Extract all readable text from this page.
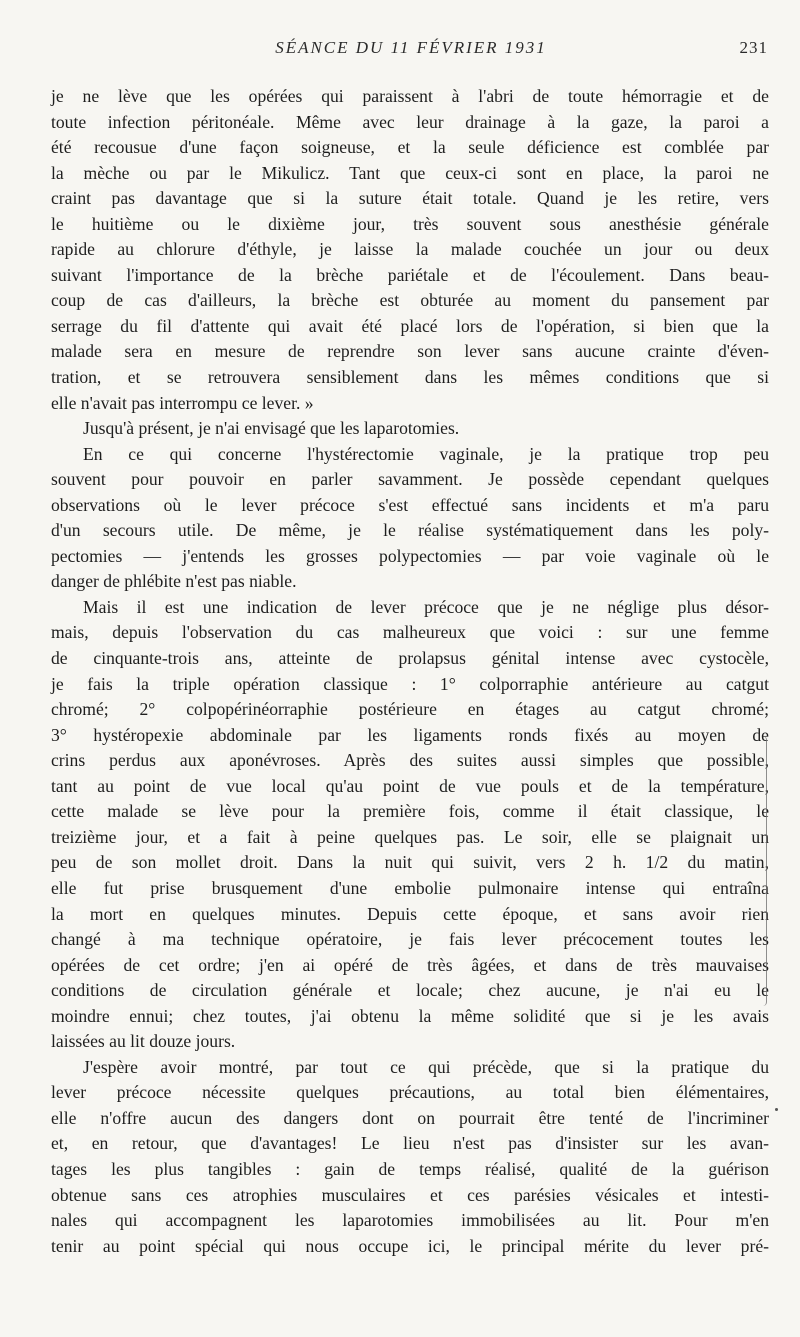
SÉANCE DU 11 FÉVRIER 1931	231
je ne lève que les opérées qui paraissent à l'abri de toute hémorragie et de
toute infection péritonéale. Même avec leur drainage à la gaze, la paroi a
été recousue d'une façon soigneuse, et la seule déficience est comblée par
la mèche ou par le Mikulicz. Tant que ceux-ci sont en place, la paroi ne
craint pas davantage que si la suture était totale. Quand je les retire, vers
le huitième ou le dixième jour, très souvent sous anesthésie générale
rapide au chlorure d'éthyle, je laisse la malade couchée un jour ou deux
suivant l'importance de la brèche pariétale et de l'écoulement. Dans beau-
coup de cas d'ailleurs, la brèche est obturée au moment du pansement par
serrage du fil d'attente qui avait été placé lors de l'opération, si bien que la
malade sera en mesure de reprendre son lever sans aucune crainte d'éven-
tration, et se retrouvera sensiblement dans les mêmes conditions que si
elle n'avait pas interrompu ce lever. »
Jusqu'à présent, je n'ai envisagé que les laparotomies.
En ce qui concerne l'hystérectomie vaginale, je la pratique trop peu
souvent pour pouvoir en parler savamment. Je possède cependant quelques
observations où le lever précoce s'est effectué sans incidents et m'a paru
d'un secours utile. De même, je le réalise systématiquement dans les poly-
pectomies — j'entends les grosses polypectomies — par voie vaginale où le
danger de phlébite n'est pas niable.
Mais il est une indication de lever précoce que je ne néglige plus désor-
mais, depuis l'observation du cas malheureux que voici : sur une femme
de cinquante-trois ans, atteinte de prolapsus génital intense avec cystocèle,
je fais la triple opération classique : 1° colporraphie antérieure au catgut
chromé; 2° colpopérinéorraphie postérieure en étages au catgut chromé;
3° hystéropexie abdominale par les ligaments ronds fixés au moyen de
crins perdus aux aponévroses. Après des suites aussi simples que possible,
tant au point de vue local qu'au point de vue pouls et de la température,
cette malade se lève pour la première fois, comme il était classique, le
treizième jour, et a fait à peine quelques pas. Le soir, elle se plaignait un
peu de son mollet droit. Dans la nuit qui suivit, vers 2 h. 1/2 du matin,
elle fut prise brusquement d'une embolie pulmonaire intense qui entraîna
la mort en quelques minutes. Depuis cette époque, et sans avoir rien
changé à ma technique opératoire, je fais lever précocement toutes les
opérées de cet ordre; j'en ai opéré de très âgées, et dans de très mauvaises
conditions de circulation générale et locale; chez aucune, je n'ai eu le
moindre ennui; chez toutes, j'ai obtenu la même solidité que si je les avais
laissées au lit douze jours.
J'espère avoir montré, par tout ce qui précède, que si la pratique du
lever précoce nécessite quelques précautions, au total bien élémentaires,
elle n'offre aucun des dangers dont on pourrait être tenté de l'incriminer
et, en retour, que d'avantages! Le lieu n'est pas d'insister sur les avan-
tages les plus tangibles : gain de temps réalisé, qualité de la guérison
obtenue sans ces atrophies musculaires et ces parésies vésicales et intesti-
nales qui accompagnent les laparotomies immobilisées au lit. Pour m'en
tenir au point spécial qui nous occupe ici, le principal mérite du lever pré-
